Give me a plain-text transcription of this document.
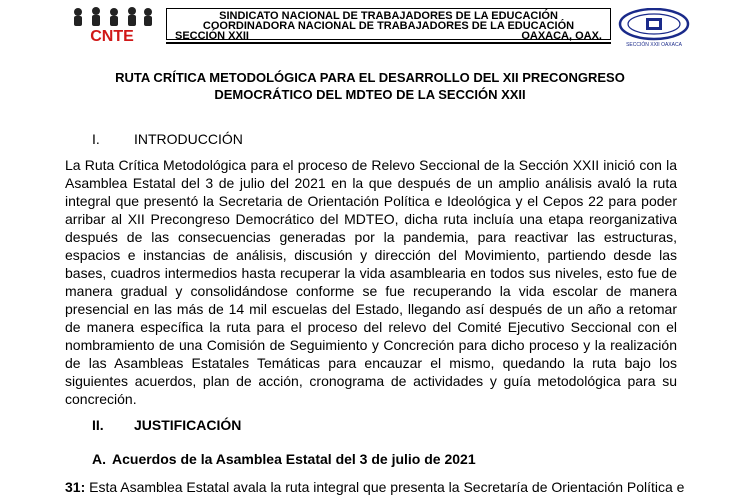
CNTE
SINDICATO NACIONAL DE TRABAJADORES DE LA EDUCACIÓN
COORDINADORA NACIONAL DE TRABAJADORES DE LA EDUCACIÓN
SECCIÓN XXII	OAXACA, OAX.
SECCIÓN XXII OAXACA
RUTA CRÍTICA METODOLÓGICA PARA EL DESARROLLO DEL XII PRECONGRESO
DEMOCRÁTICO DEL MDTEO DE LA SECCIÓN XXII
I. INTRODUCCIÓN
La Ruta Crítica Metodológica para el proceso de Relevo Seccional de la Sección XXII inició con la Asamblea Estatal del 3 de julio del 2021 en la que después de un amplio análisis avaló la ruta integral que presentó la Secretaria de Orientación Política e Ideológica y el Cepos 22 para poder arribar al XII Precongreso Democrático del MDTEO, dicha ruta incluía una etapa reorganizativa después de las consecuencias generadas por la pandemia, para reactivar las estructuras, espacios e instancias de análisis, discusión y dirección del Movimiento, partiendo desde las bases, cuadros intermedios hasta recuperar la vida asamblearia en todos sus niveles, esto fue de manera gradual y consolidándose conforme se fue recuperando la vida escolar de manera presencial en las más de 14 mil escuelas del Estado, llegando así después de un año a retomar de manera específica la ruta para el proceso del relevo del Comité Ejecutivo Seccional con el nombramiento de una Comisión de Seguimiento y Concreción para dicho proceso y la realización de las Asambleas Estatales Temáticas para encauzar el mismo, quedando la ruta bajo los siguientes acuerdos, plan de acción, cronograma de actividades y guía metodológica para su concreción.
II. JUSTIFICACIÓN
A. Acuerdos de la Asamblea Estatal del 3 de julio de 2021
31: Esta Asamblea Estatal avala la ruta integral que presenta la Secretaría de Orientación Política e
